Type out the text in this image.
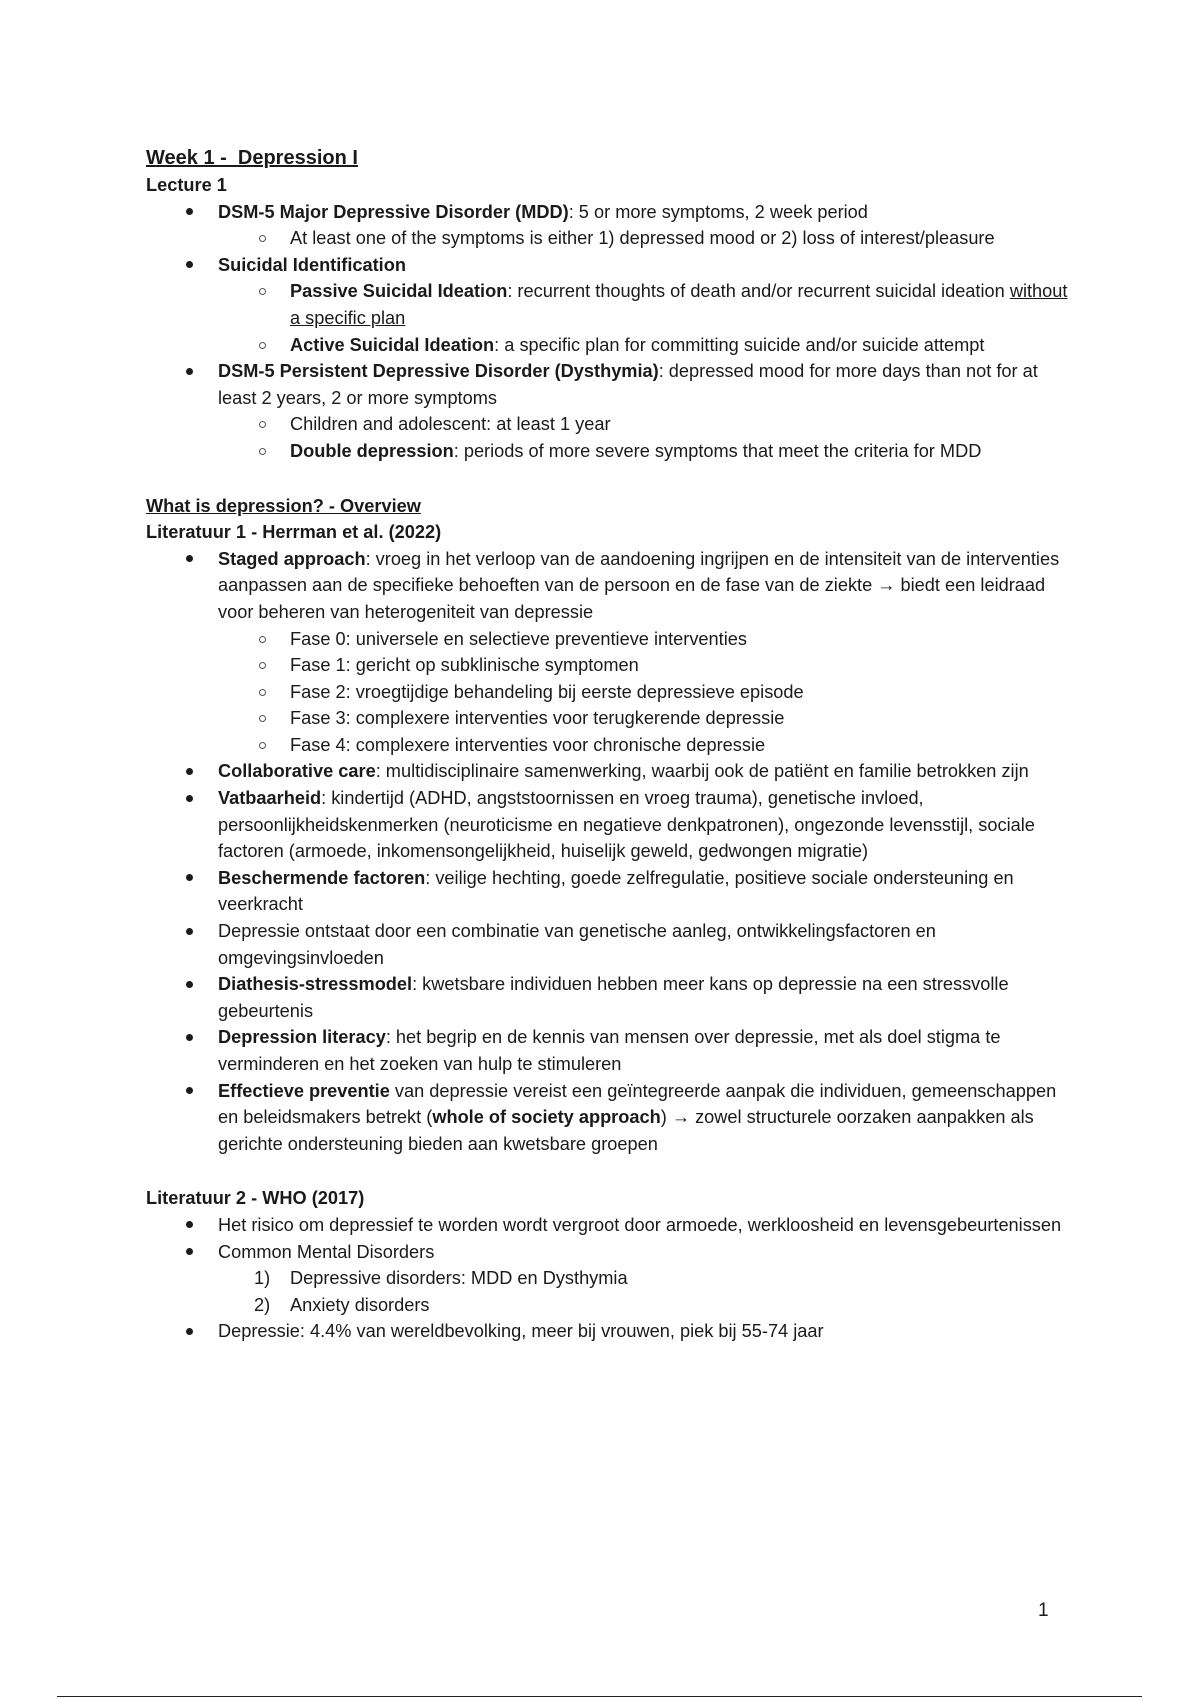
Week 1 -  Depression I
Lecture 1
DSM-5 Major Depressive Disorder (MDD): 5 or more symptoms, 2 week period
At least one of the symptoms is either 1) depressed mood or 2) loss of interest/pleasure
Suicidal Identification
Passive Suicidal Ideation: recurrent thoughts of death and/or recurrent suicidal ideation without a specific plan
Active Suicidal Ideation: a specific plan for committing suicide and/or suicide attempt
DSM-5 Persistent Depressive Disorder (Dysthymia): depressed mood for more days than not for at least 2 years, 2 or more symptoms
Children and adolescent: at least 1 year
Double depression: periods of more severe symptoms that meet the criteria for MDD
What is depression? - Overview
Literatuur 1 - Herrman et al. (2022)
Staged approach: vroeg in het verloop van de aandoening ingrijpen en de intensiteit van de interventies aanpassen aan de specifieke behoeften van de persoon en de fase van de ziekte → biedt een leidraad voor beheren van heterogeniteit van depressie
Fase 0: universele en selectieve preventieve interventies
Fase 1: gericht op subklinische symptomen
Fase 2: vroegtijdige behandeling bij eerste depressieve episode
Fase 3: complexere interventies voor terugkerende depressie
Fase 4: complexere interventies voor chronische depressie
Collaborative care: multidisciplinaire samenwerking, waarbij ook de patiënt en familie betrokken zijn
Vatbaarheid: kindertijd (ADHD, angststoornissen en vroeg trauma), genetische invloed, persoonlijkheidskenmerken (neuroticisme en negatieve denkpatronen), ongezonde levensstijl, sociale factoren (armoede, inkomensongelijkheid, huiselijk geweld, gedwongen migratie)
Beschermende factoren: veilige hechting, goede zelfregulatie, positieve sociale ondersteuning en veerkracht
Depressie ontstaat door een combinatie van genetische aanleg, ontwikkelingsfactoren en omgevingsinvloeden
Diathesis-stressmodel: kwetsbare individuen hebben meer kans op depressie na een stressvolle gebeurtenis
Depression literacy: het begrip en de kennis van mensen over depressie, met als doel stigma te verminderen en het zoeken van hulp te stimuleren
Effectieve preventie van depressie vereist een geïntegreerde aanpak die individuen, gemeenschappen en beleidsmakers betrekt (whole of society approach) → zowel structurele oorzaken aanpakken als gerichte ondersteuning bieden aan kwetsbare groepen
Literatuur 2 - WHO (2017)
Het risico om depressief te worden wordt vergroot door armoede, werkloosheid en levensgebeurtenissen
Common Mental Disorders
1) Depressive disorders: MDD en Dysthymia
2) Anxiety disorders
Depressie: 4.4% van wereldbevolking, meer bij vrouwen, piek bij 55-74 jaar
1
